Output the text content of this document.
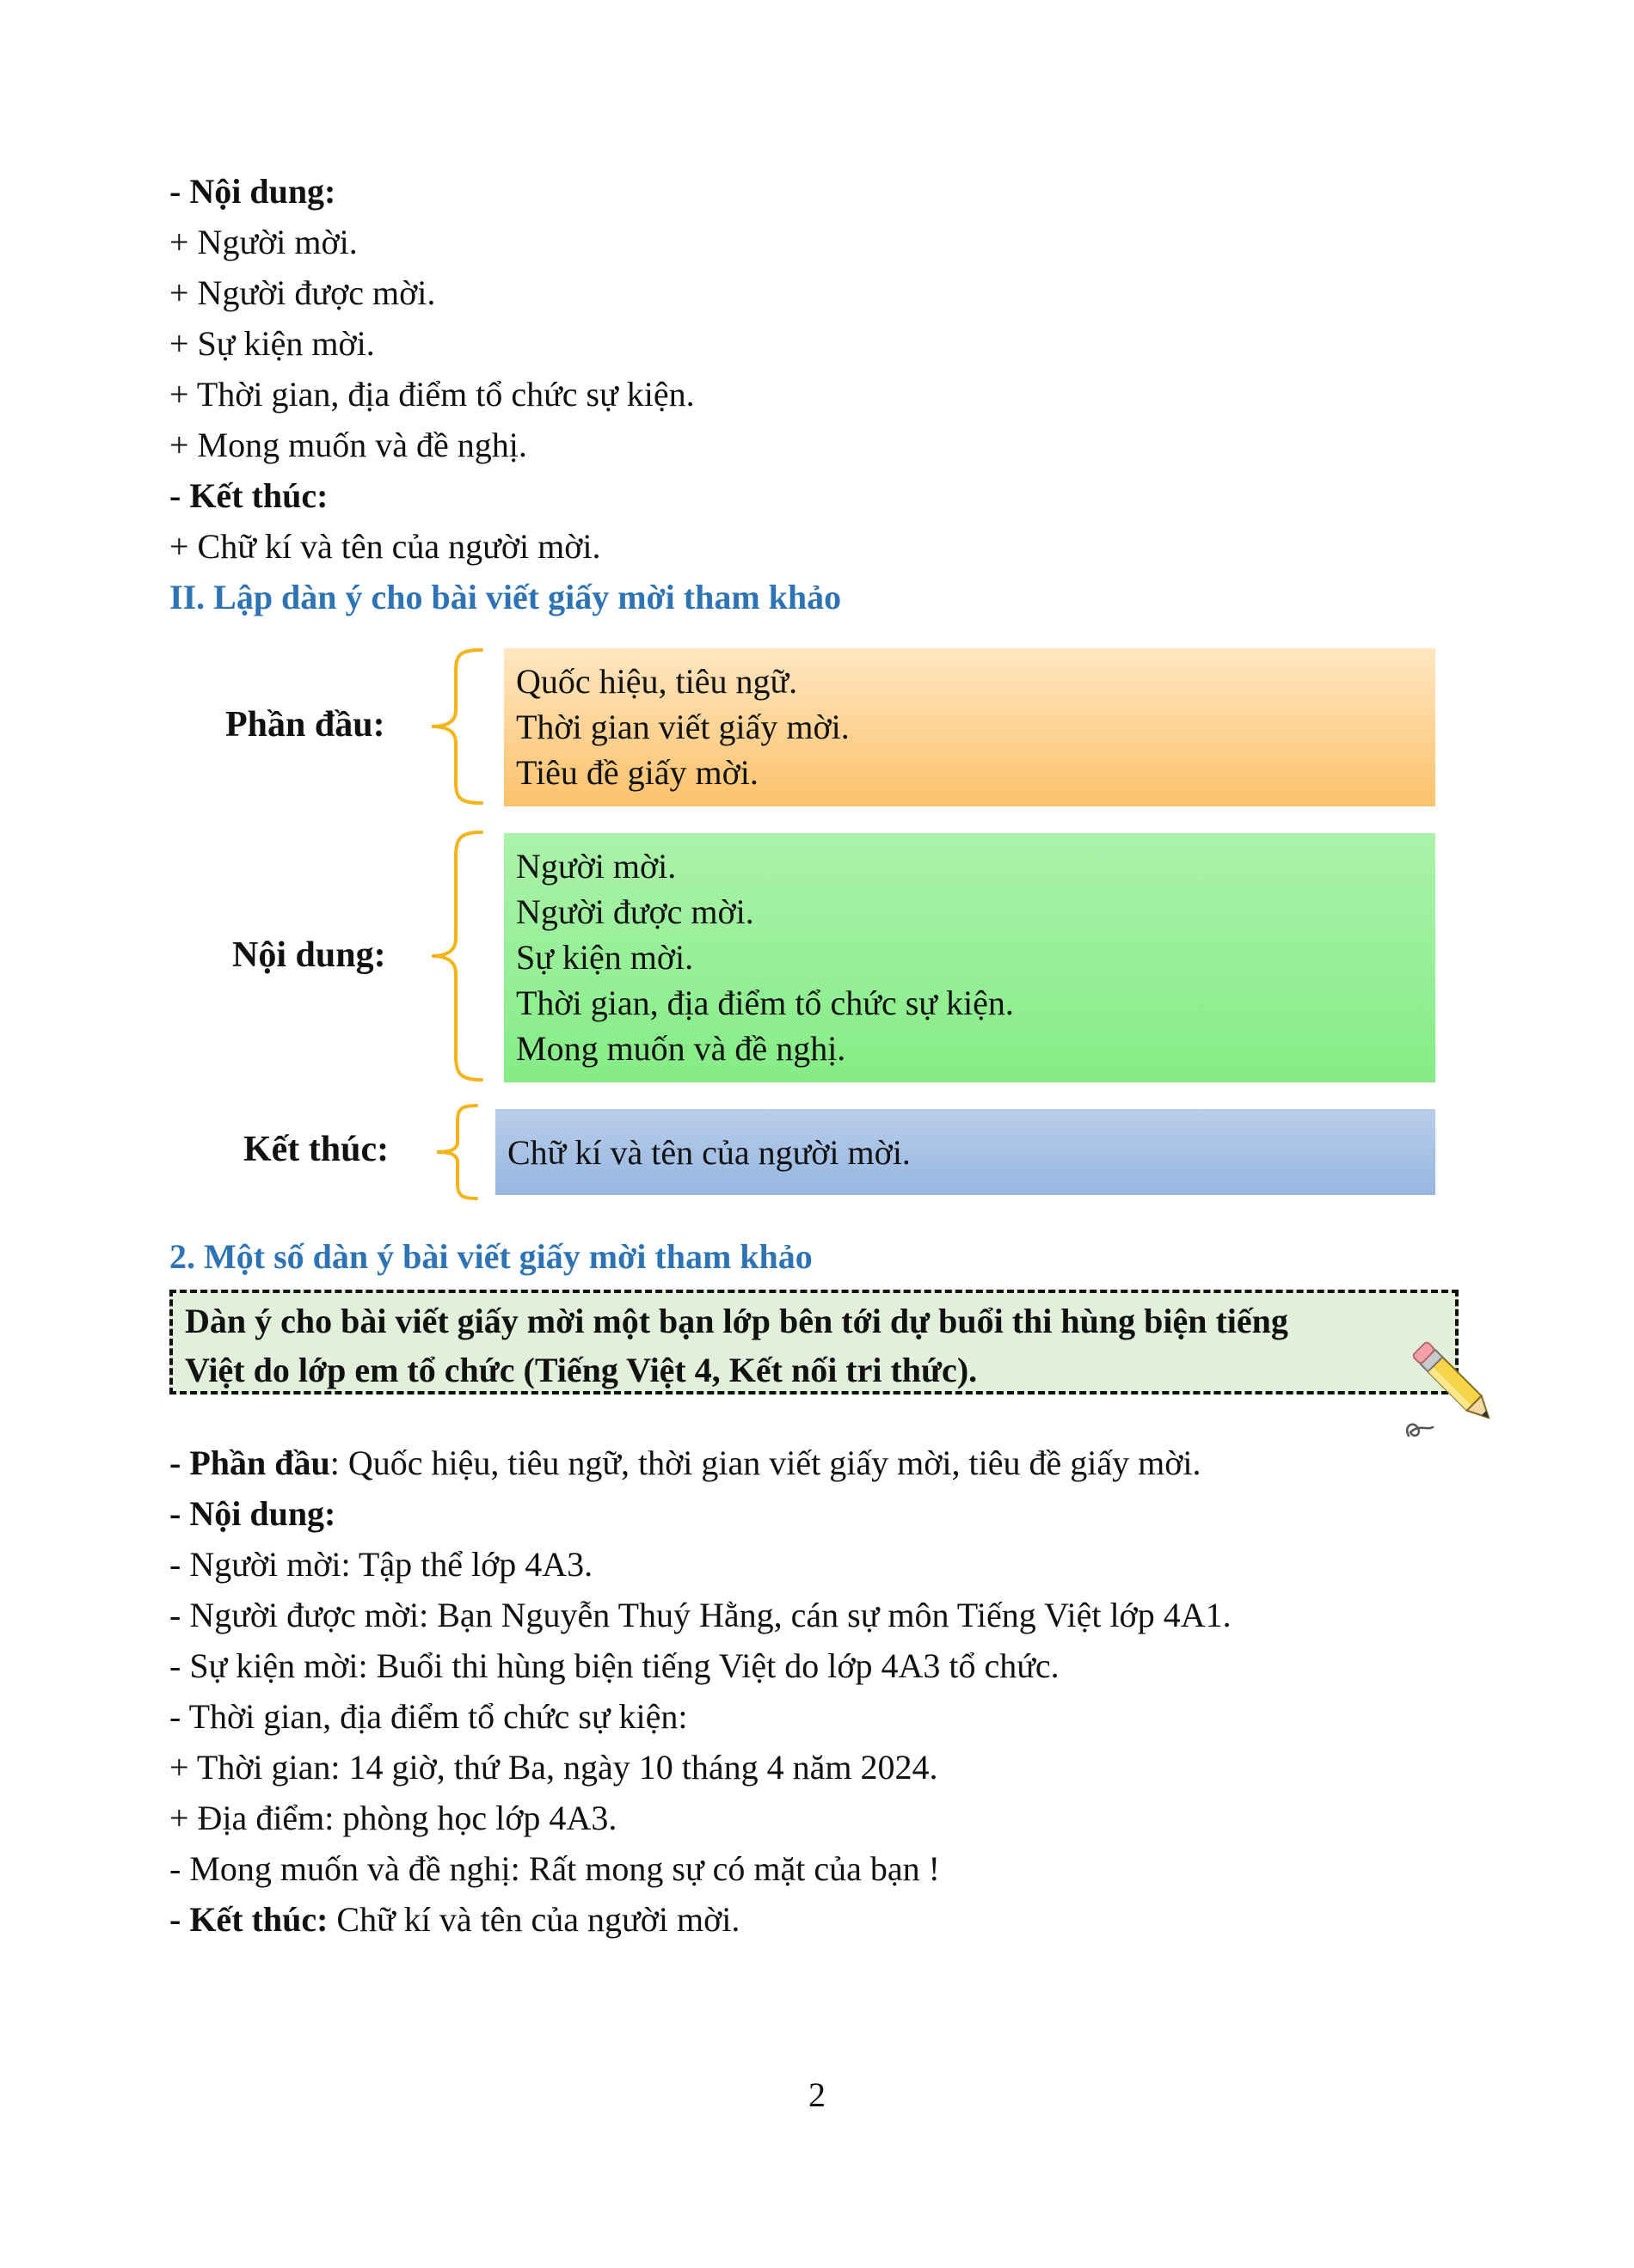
- Nội dung:
+ Người mời.
+ Người được mời.
+ Sự kiện mời.
+ Thời gian, địa điểm tổ chức sự kiện.
+ Mong muốn và đề nghị.
- Kết thúc:
+ Chữ kí và tên của người mời.
II. Lập dàn ý cho bài viết giấy mời tham khảo
Phần đầu:
Quốc hiệu, tiêu ngữ.
Thời gian viết giấy mời.
Tiêu đề giấy mời.
Nội dung:
Người mời.
Người được mời.
Sự kiện mời.
Thời gian, địa điểm tổ chức sự kiện.
Mong muốn và đề nghị.
Kết thúc:	Chữ kí và tên của người mời.
2. Một số dàn ý bài viết giấy mời tham khảo
Dàn ý cho bài viết giấy mời một bạn lớp bên tới dự buổi thi hùng biện tiếng
Việt do lớp em tổ chức (Tiếng Việt 4, Kết nối tri thức).
- Phần đầu: Quốc hiệu, tiêu ngữ, thời gian viết giấy mời, tiêu đề giấy mời.
- Nội dung:
- Người mời: Tập thể lớp 4A3.
- Người được mời: Bạn Nguyễn Thuý Hằng, cán sự môn Tiếng Việt lớp 4A1.
- Sự kiện mời: Buổi thi hùng biện tiếng Việt do lớp 4A3 tổ chức.
- Thời gian, địa điểm tổ chức sự kiện:
+ Thời gian: 14 giờ, thứ Ba, ngày 10 tháng 4 năm 2024.
+ Địa điểm: phòng học lớp 4A3.
- Mong muốn và đề nghị: Rất mong sự có mặt của bạn !
- Kết thúc: Chữ kí và tên của người mời.
2
